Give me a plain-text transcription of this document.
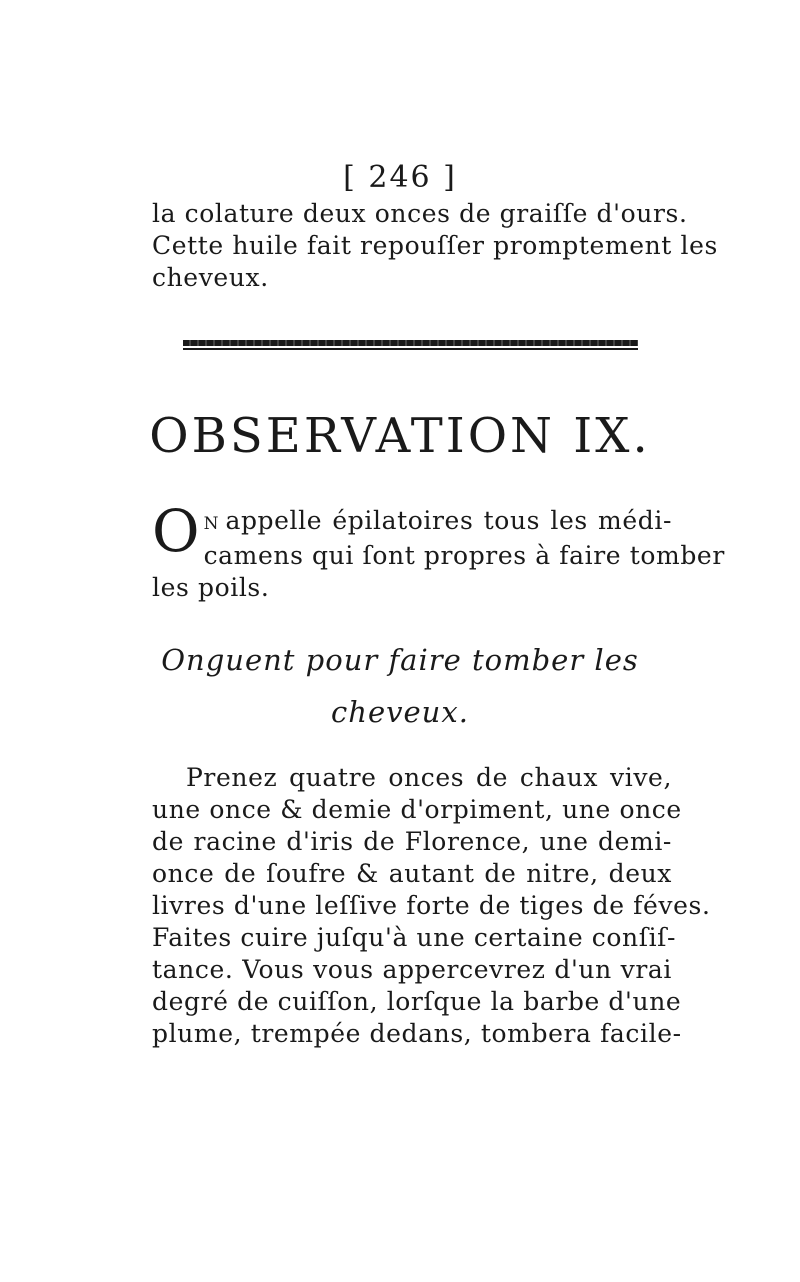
[ 246 ]
la colature deux onces de graiſſe d'ours.
Cette huile fait repouſſer promptement les
cheveux.
OBSERVATION IX.
O N appelle épilatoires tous les médi-
camens qui ſont propres à faire tomber
les poils.
Onguent pour faire tomber les
cheveux.
Prenez quatre onces de chaux vive,
une once & demie d'orpiment, une once
de racine d'iris de Florence, une demi-
once de ſoufre & autant de nitre, deux
livres d'une leſſive forte de tiges de féves.
Faites cuire juſqu'à une certaine conſiſ-
tance. Vous vous appercevrez d'un vrai
degré de cuiſſon, lorſque la barbe d'une
plume, trempée dedans, tombera facile-
